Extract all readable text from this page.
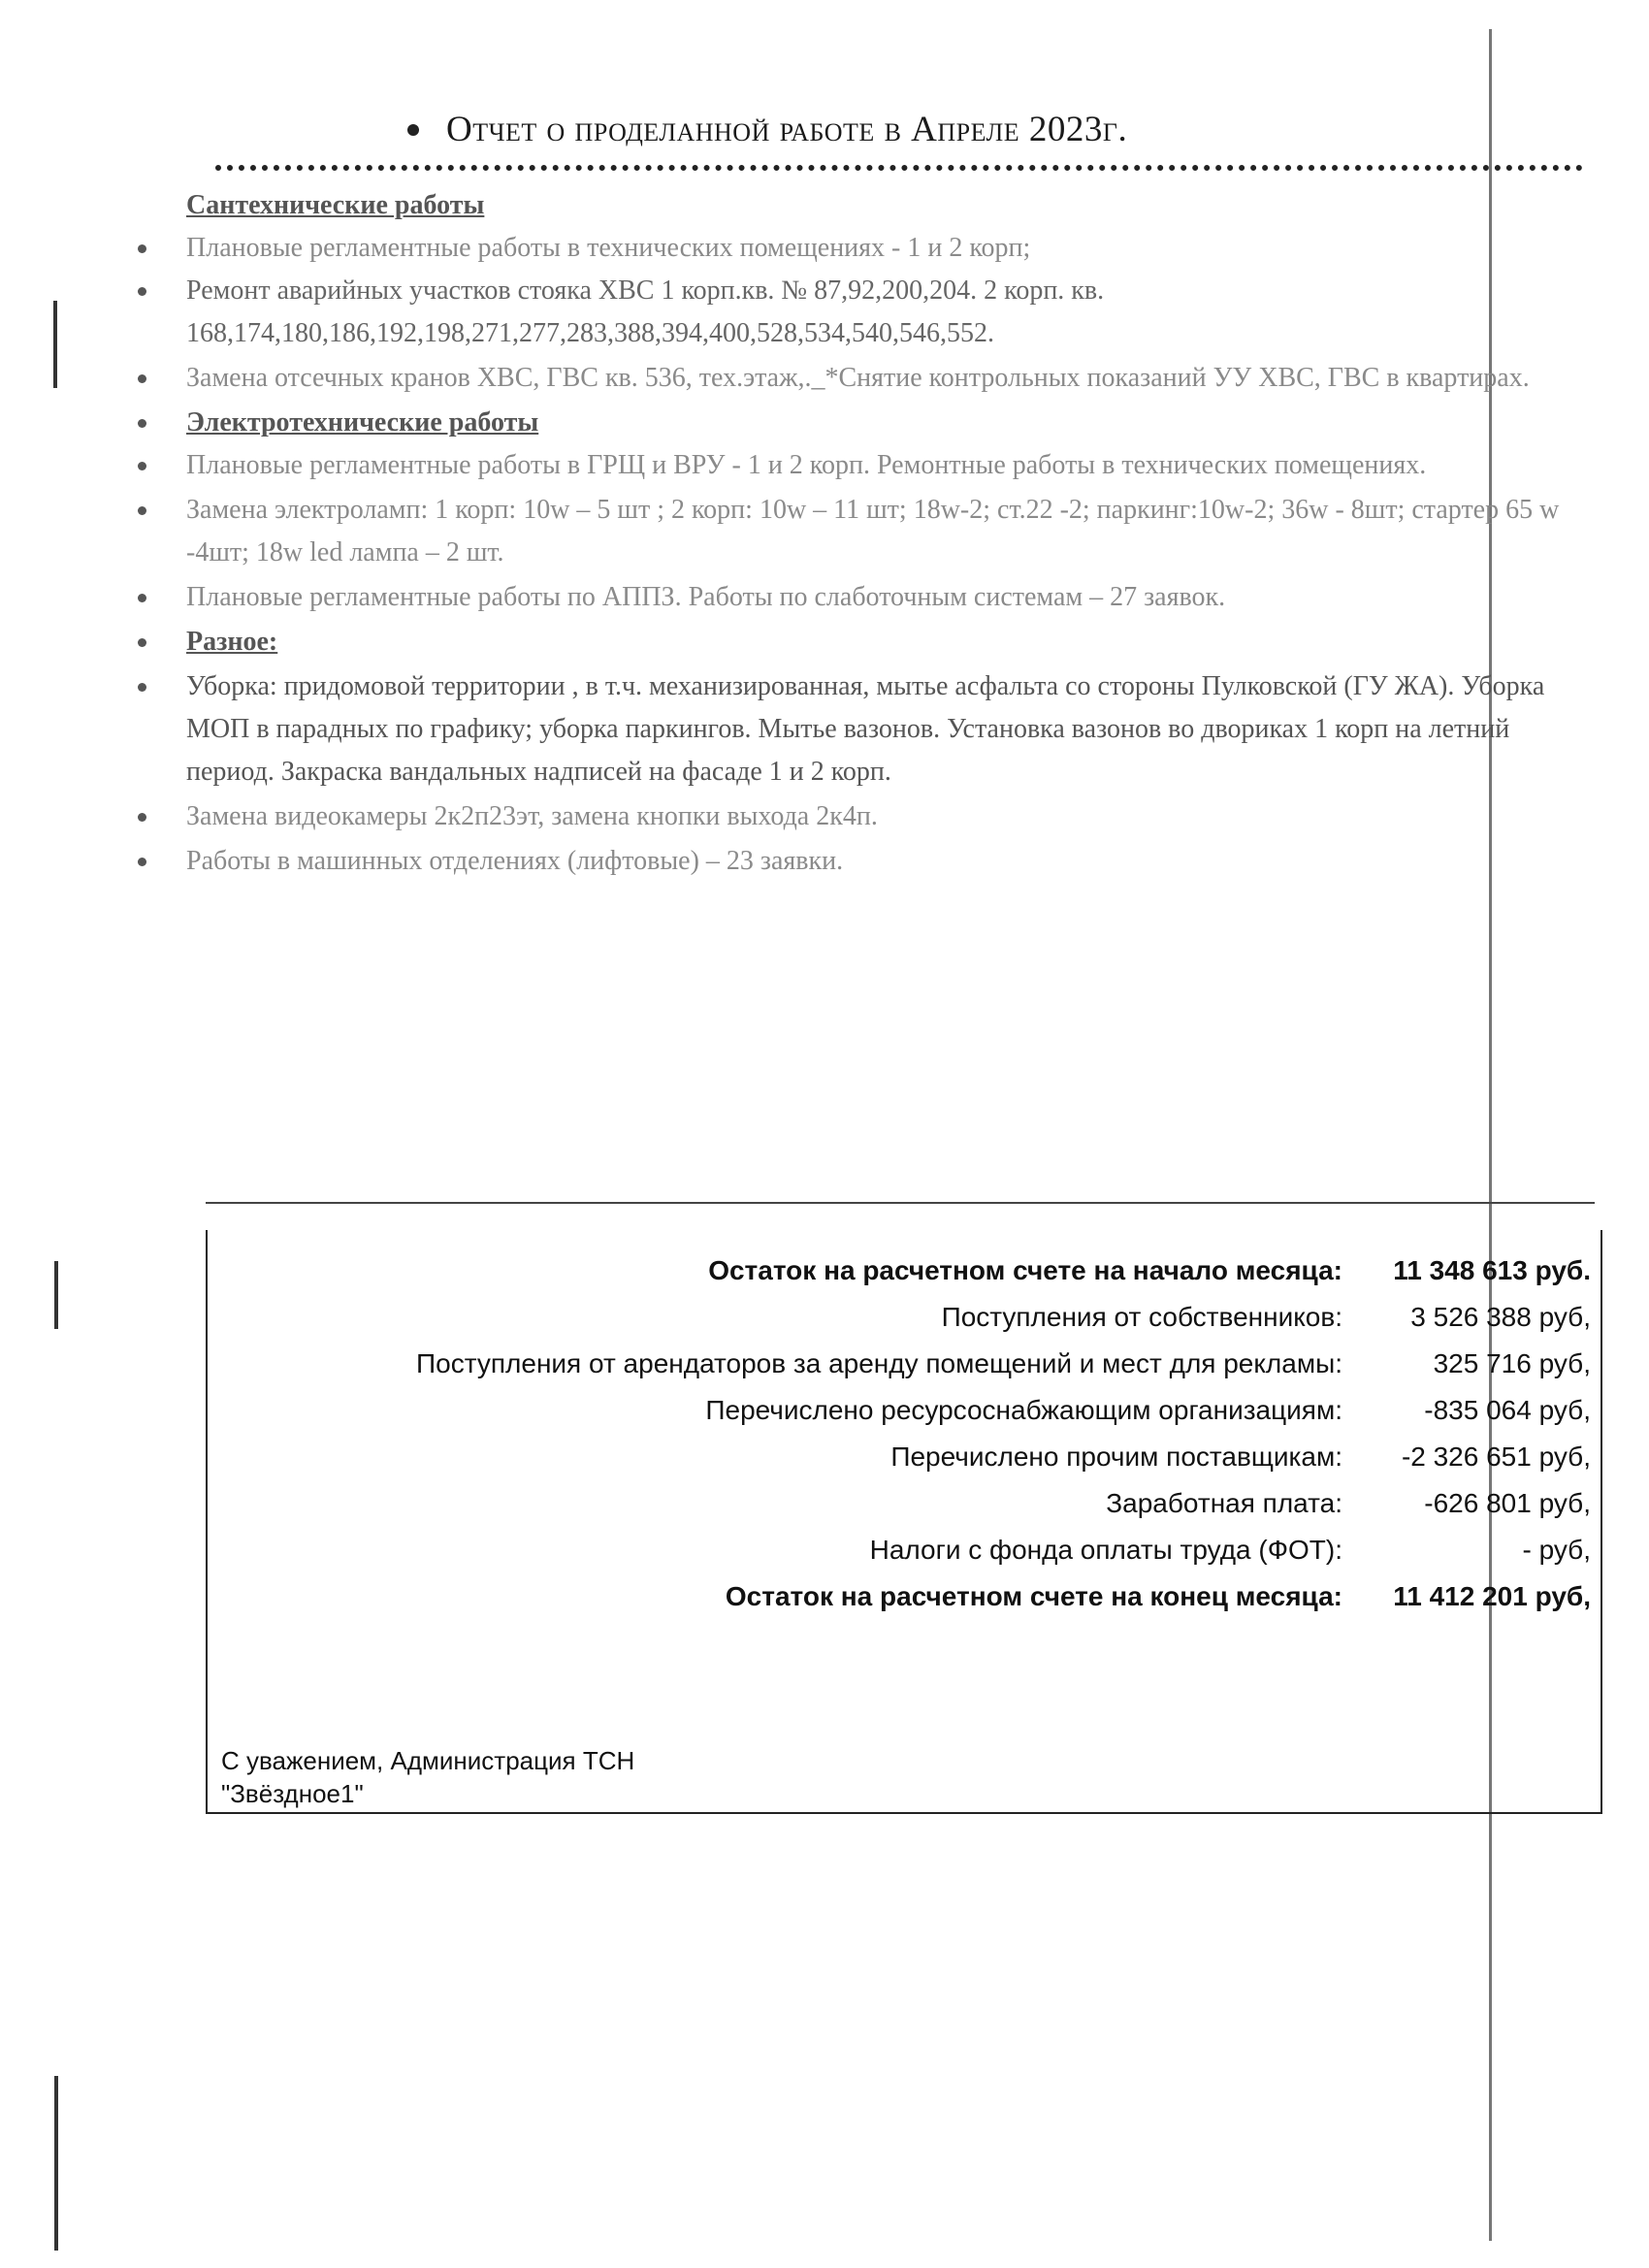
Отчет о проделанной работе в Апреле 2023г.
Сантехнические работы
Плановые регламентные работы в технических помещениях - 1 и 2 корп;
Ремонт аварийных участков стояка ХВС 1 корп.кв. № 87,92,200,204. 2 корп. кв. 168,174,180,186,192,198,271,277,283,388,394,400,528,534,540,546,552.
Замена отсечных кранов ХВС, ГВС кв. 536, тех.этаж,._*Снятие контрольных показаний УУ ХВС, ГВС в квартирах.
Электротехнические работы
Плановые регламентные работы в ГРЩ и ВРУ - 1 и 2 корп. Ремонтные работы в технических помещениях.
Замена электроламп: 1 корп: 10w – 5 шт ; 2 корп: 10w – 11 шт; 18w-2; ст.22 -2; паркинг:10w-2; 36w - 8шт; стартер 65 w -4шт; 18w led лампа – 2 шт.
Плановые регламентные работы по АППЗ. Работы по слаботочным системам – 27 заявок.
Разное:
Уборка: придомовой территории , в т.ч. механизированная, мытье асфальта со стороны Пулковской (ГУ ЖА). Уборка МОП в парадных по графику; уборка паркингов. Мытье вазонов. Установка вазонов во двориках 1 корп на летний период. Закраска вандальных надписей на фасаде 1 и 2 корп.
Замена видеокамеры 2к2п23эт, замена кнопки выхода 2к4п.
Работы в машинных отделениях (лифтовые) – 23 заявки.
Остаток на расчетном счете на начало месяца: 11 348 613 руб.
Поступления от собственников:	3 526 388 руб,
Поступления от арендаторов за аренду помещений и мест для рекламы:	325 716 руб,
Перечислено ресурсоснабжающим организациям:	-835 064 руб,
Перечислено прочим поставщикам: -2 326 651 руб,
Заработная плата:	-626 801 руб,
Налоги с фонда оплаты труда (ФОТ):	- руб,
Остаток на расчетном счете на конец месяца: 11 412 201 руб,
С уважением, Администрация ТСН
"Звёздное1"
